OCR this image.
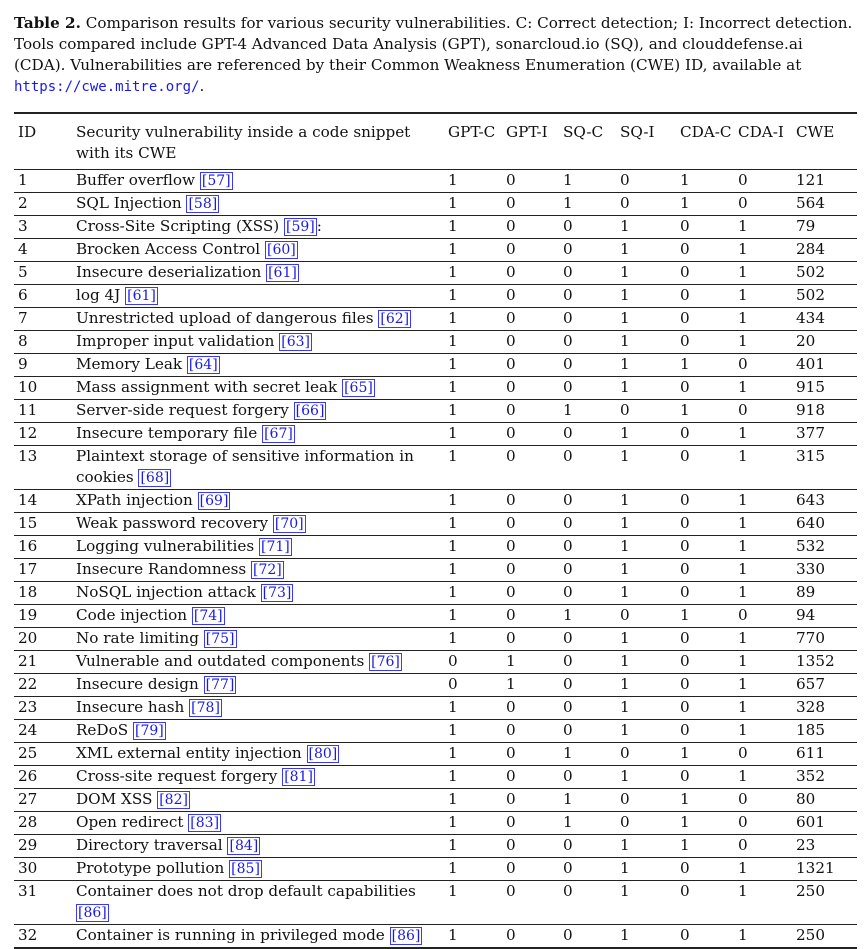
Table 2. Comparison results for various security vulnerabilities. C: Correct detection; I: Incorrect detection. Tools compared include GPT-4 Advanced Data Analysis (GPT), sonarcloud.io (SQ), and clouddefense.ai (CDA). Vulnerabilities are referenced by their Common Weakness Enumeration (CWE) ID, available at https://cwe.mitre.org/.
ID	Security vulnerability inside a code snippet with its CWE	GPT-C	GPT-I	SQ-C	SQ-I	CDA-C	CDA-I	CWE
1	Buffer overflow [57]	1	0	1	0	1	0	121
2	SQL Injection [58]	1	0	1	0	1	0	564
3	Cross-Site Scripting (XSS) [59] :	1	0	0	1	0	1	79
4	Brocken Access Control [60]	1	0	0	1	0	1	284
5	Insecure deserialization [61]	1	0	0	1	0	1	502
6	log 4J [61]	1	0	0	1	0	1	502
7	Unrestricted upload of dangerous files [62]	1	0	0	1	0	1	434
8	Improper input validation [63]	1	0	0	1	0	1	20
9	Memory Leak [64]	1	0	0	1	1	0	401
10	Mass assignment with secret leak [65]	1	0	0	1	0	1	915
11	Server-side request forgery [66]	1	0	1	0	1	0	918
12	Insecure temporary file [67]	1	0	0	1	0	1	377
13	Plaintext storage of sensitive information in cookies [68]	1	0	0	1	0	1	315
14	XPath injection [69]	1	0	0	1	0	1	643
15	Weak password recovery [70]	1	0	0	1	0	1	640
16	Logging vulnerabilities [71]	1	0	0	1	0	1	532
17	Insecure Randomness [72]	1	0	0	1	0	1	330
18	NoSQL injection attack [73]	1	0	0	1	0	1	89
19	Code injection [74]	1	0	1	0	1	0	94
20	No rate limiting [75]	1	0	0	1	0	1	770
21	Vulnerable and outdated components [76]	0	1	0	1	0	1	1352
22	Insecure design [77]	0	1	0	1	0	1	657
23	Insecure hash [78]	1	0	0	1	0	1	328
24	ReDoS [79]	1	0	0	1	0	1	185
25	XML external entity injection [80]	1	0	1	0	1	0	611
26	Cross-site request forgery [81]	1	0	0	1	0	1	352
27	DOM XSS [82]	1	0	1	0	1	0	80
28	Open redirect [83]	1	0	1	0	1	0	601
29	Directory traversal [84]	1	0	0	1	1	0	23
30	Prototype pollution [85]	1	0	0	1	0	1	1321
31	Container does not drop default capabilities [86]	1	0	0	1	0	1	250
32	Container is running in privileged mode [86]	1	0	0	1	0	1	250
